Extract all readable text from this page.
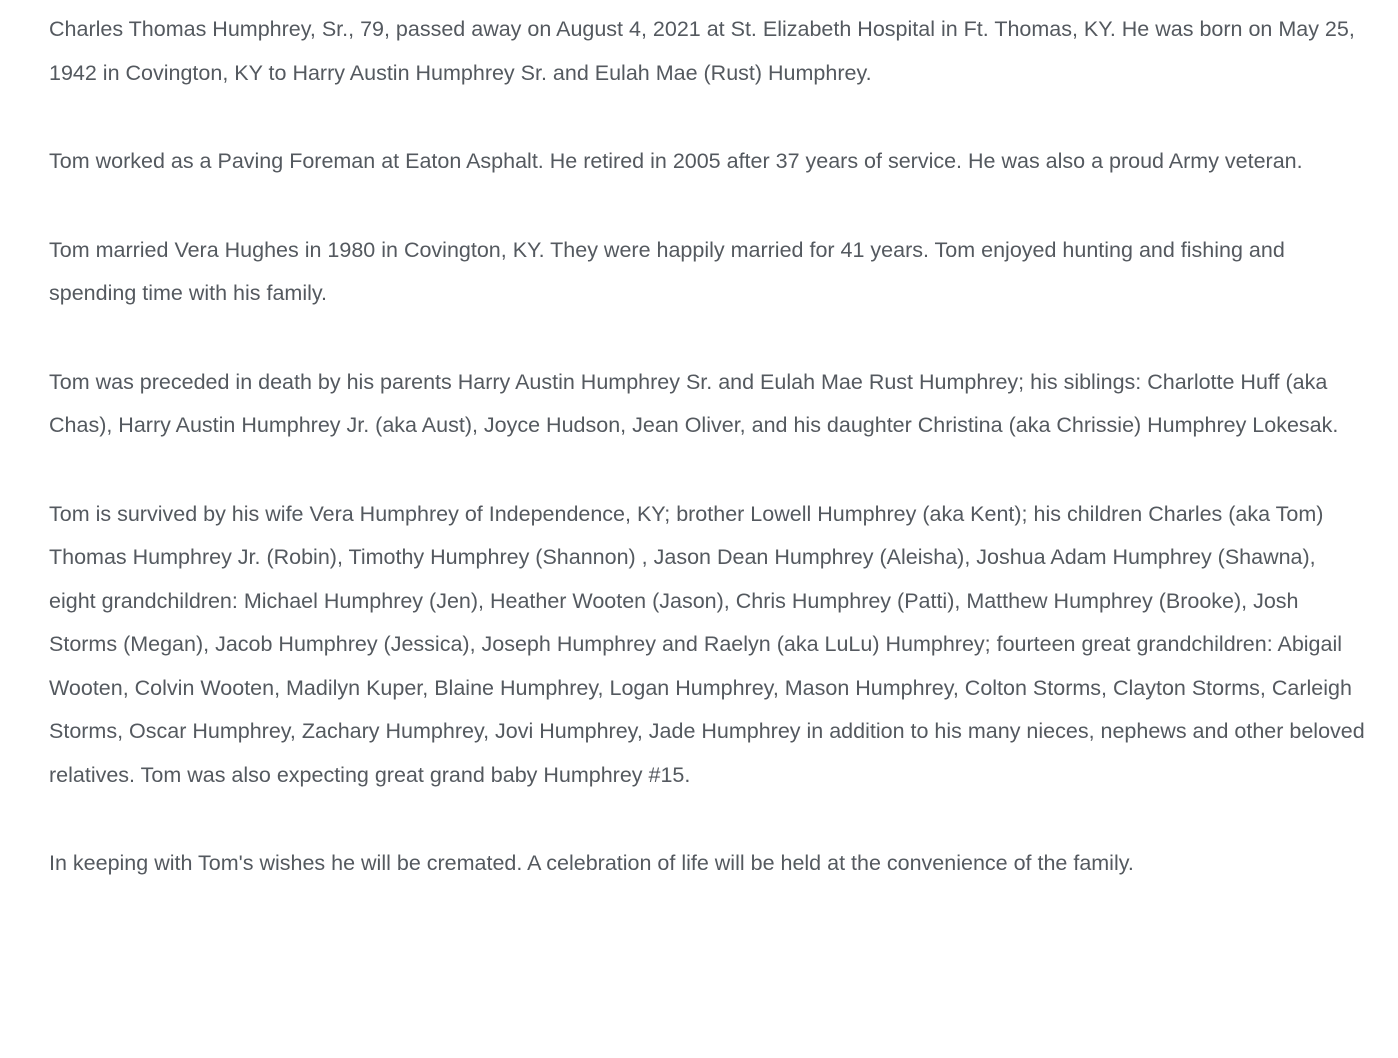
Charles Thomas Humphrey, Sr., 79, passed away on August 4, 2021 at St. Elizabeth Hospital in Ft. Thomas, KY. He was born on May 25, 1942 in Covington, KY to Harry Austin Humphrey Sr. and Eulah Mae (Rust) Humphrey.

Tom worked as a Paving Foreman at Eaton Asphalt. He retired in 2005 after 37 years of service. He was also a proud Army veteran.

Tom married Vera Hughes in 1980 in Covington, KY. They were happily married for 41 years. Tom enjoyed hunting and fishing and spending time with his family.

Tom was preceded in death by his parents Harry Austin Humphrey Sr. and Eulah Mae Rust Humphrey; his siblings: Charlotte Huff (aka Chas), Harry Austin Humphrey Jr. (aka Aust), Joyce Hudson, Jean Oliver, and his daughter Christina (aka Chrissie) Humphrey Lokesak.

Tom is survived by his wife Vera Humphrey of Independence, KY; brother Lowell Humphrey (aka Kent); his children Charles (aka Tom) Thomas Humphrey Jr. (Robin), Timothy Humphrey (Shannon) , Jason Dean Humphrey (Aleisha), Joshua Adam Humphrey (Shawna), eight grandchildren: Michael Humphrey (Jen), Heather Wooten (Jason), Chris Humphrey (Patti), Matthew Humphrey (Brooke), Josh Storms (Megan), Jacob Humphrey (Jessica), Joseph Humphrey and Raelyn (aka LuLu) Humphrey; fourteen great grandchildren: Abigail Wooten, Colvin Wooten, Madilyn Kuper, Blaine Humphrey, Logan Humphrey, Mason Humphrey, Colton Storms, Clayton Storms, Carleigh Storms, Oscar Humphrey, Zachary Humphrey, Jovi Humphrey, Jade Humphrey in addition to his many nieces, nephews and other beloved relatives. Tom was also expecting great grand baby Humphrey #15.

In keeping with Tom's wishes he will be cremated. A celebration of life will be held at the convenience of the family.
